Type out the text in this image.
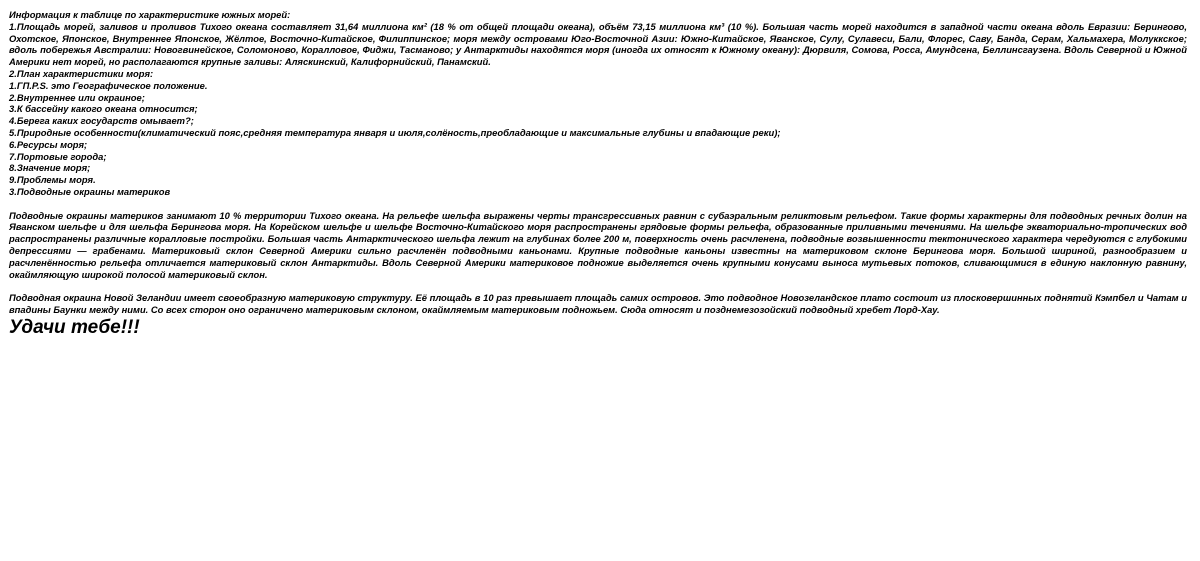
Информация к таблице по характеристике южных морей:
1.Площадь морей, заливов и проливов Тихого океана составляет 31,64 миллиона км² (18 % от общей площади океана), объём 73,15 миллиона км³ (10 %). Большая часть морей находится в западной части океана вдоль Евразии: Берингово, Охотское, Японское, Внутреннее Японское, Жёлтое, Восточно-Китайское, Филиппинское; моря между островами Юго-Восточной Азии: Южно-Китайское, Яванское, Сулу, Сулавеси, Бали, Флорес, Саву, Банда, Серам, Хальмахера, Молуккское; вдоль побережья Австралии: Новогвинейское, Соломоново, Коралловое, Фиджи, Тасманово; у Антарктиды находятся моря (иногда их относят к Южному океану): Дюрвиля, Сомова, Росса, Амундсена, Беллинсгаузена. Вдоль Северной и Южной Америки нет морей, но располагаются крупные заливы: Аляскинский, Калифорнийский, Панамский.
2.План характеристики моря:
1.ГП.P.S. это Географическое положение.
2.Внутреннее или окраиное;
3.К бассейну какого океана относится;
4.Берега каких государств омывает?;
5.Природные особенности(климатический пояс,средняя температура января и июля,солёность,преобладающие и максимальные глубины и впадающие реки);
6.Ресурсы моря;
7.Портовые города;
8.Значение моря;
9.Проблемы моря.
3.Подводные окраины материков
Подводные окраины материков занимают 10 % территории Тихого океана. На рельефе шельфа выражены черты трансгрессивных равнин с субаэральным реликтовым рельефом. Такие формы характерны для подводных речных долин на Яванском шельфе и для шельфа Берингова моря. На Корейском шельфе и шельфе Восточно-Китайского моря распространены грядовые формы рельефа, образованные приливными течениями. На шельфе экваториально-тропических вод распространены различные коралловые постройки. Большая часть Антарктического шельфа лежит на глубинах более 200 м, поверхность очень расчленена, подводные возвышенности тектонического характера чередуются с глубокими депрессиями — грабенами. Материковый склон Северной Америки сильно расчленён подводными каньонами. Крупные подводные каньоны известны на материковом склоне Берингова моря. Большой шириной, разнообразием и расчленённостью рельефа отличается материковый склон Антарктиды. Вдоль Северной Америки материковое подножие выделяется очень крупными конусами выноса мутьевых потоков, сливающимися в единую наклонную равнину, окаймляющую широкой полосой материковый склон.
Подводная окраина Новой Зеландии имеет своеобразную материковую структуру. Её площадь в 10 раз превышает площадь самих островов. Это подводное Новозеландское плато состоит из плосковершинных поднятий Кэмпбел и Чатам и впадины Баунки между ними. Со всех сторон оно ограничено материковым склоном, окаймляемым материковым подножьем. Сюда относят и позднемезозойский подводный хребет Лорд-Хау.
Удачи тебе!!!
